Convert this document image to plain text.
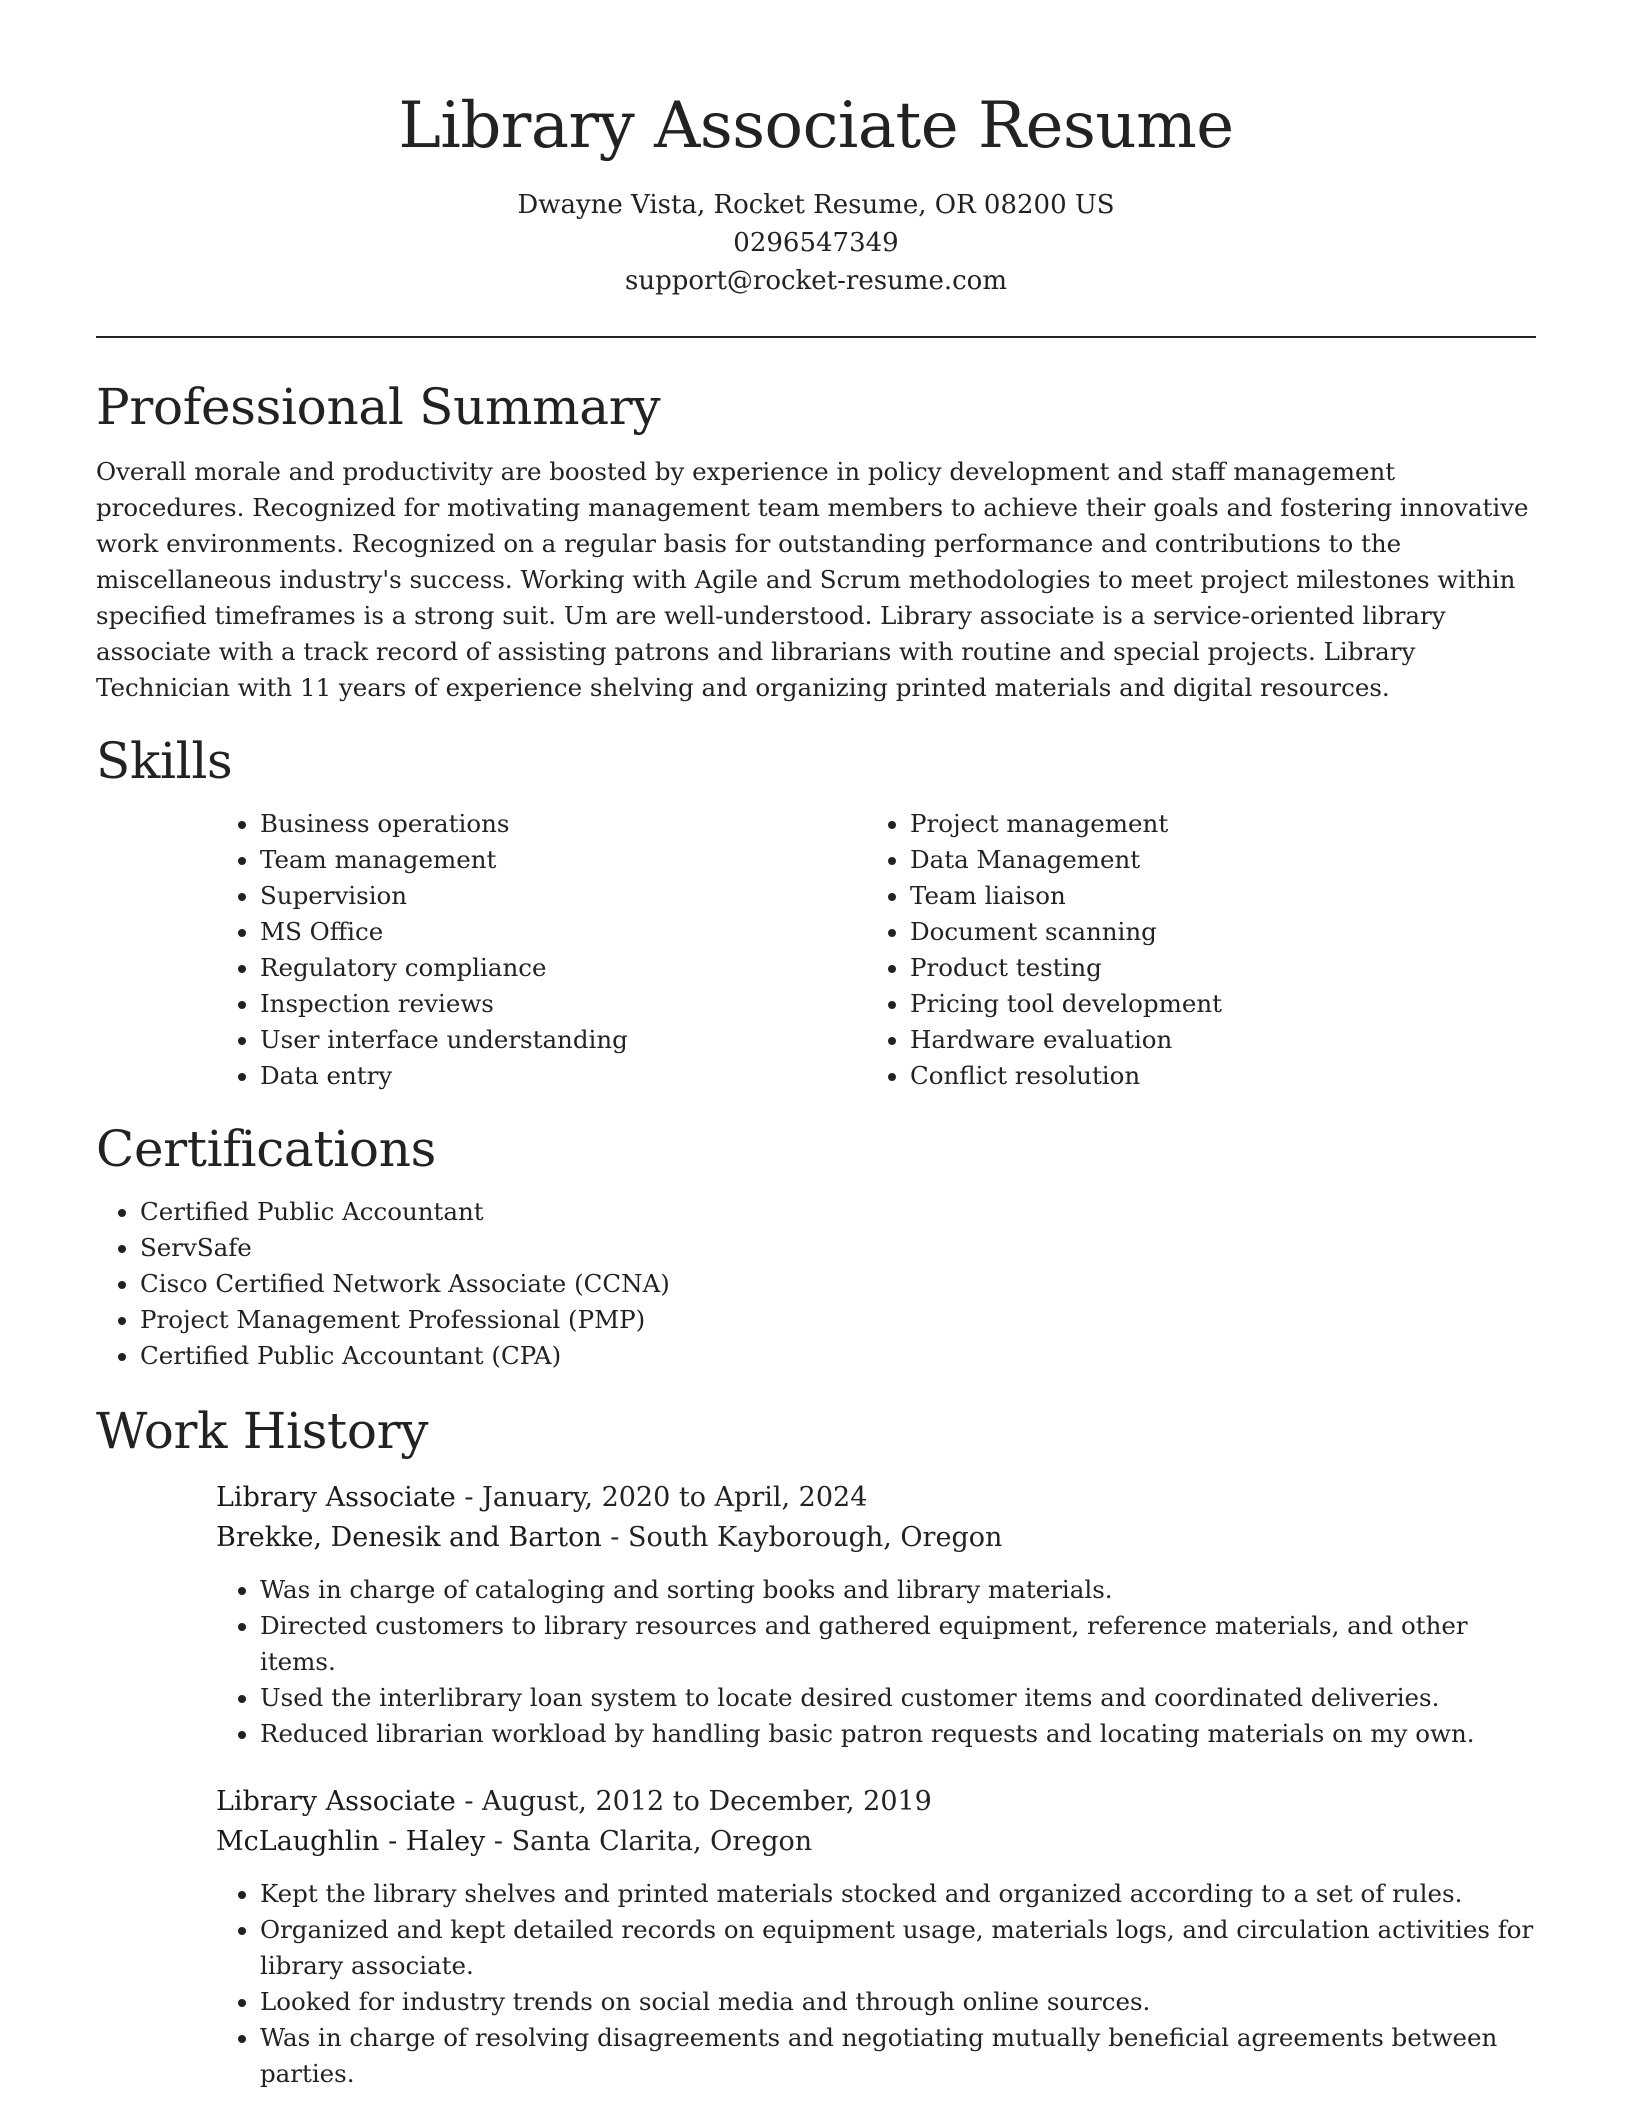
Library Associate Resume

Dwayne Vista, Rocket Resume, OR 08200 US

0296547349

support@rocket-resume.com

Professional Summary

Overall morale and productivity are boosted by experience in policy development and staff management procedures. Recognized for motivating management team members to achieve their goals and fostering innovative work environments. Recognized on a regular basis for outstanding performance and contributions to the miscellaneous industry's success. Working with Agile and Scrum methodologies to meet project milestones within specified timeframes is a strong suit. Um are well-understood. Library associate is a service-oriented library associate with a track record of assisting patrons and librarians with routine and special projects. Library Technician with 11 years of experience shelving and organizing printed materials and digital resources.

Skills
• Business operations
• Team management
• Supervision
• MS Office
• Regulatory compliance
• Inspection reviews
• User interface understanding
• Data entry
• Project management
• Data Management
• Team liaison
• Document scanning
• Product testing
• Pricing tool development
• Hardware evaluation
• Conflict resolution
Certifications
• Certified Public Accountant
• ServSafe
• Cisco Certified Network Associate (CCNA)
• Project Management Professional (PMP)
• Certified Public Accountant (CPA)
Work History

Library Associate - January, 2020 to April, 2024

Brekke, Denesik and Barton - South Kayborough, Oregon

• Was in charge of cataloging and sorting books and library materials.
• Directed customers to library resources and gathered equipment, reference materials, and other items.
• Used the interlibrary loan system to locate desired customer items and coordinated deliveries.
• Reduced librarian workload by handling basic patron requests and locating materials on my own.

Library Associate - August, 2012 to December, 2019

McLaughlin - Haley - Santa Clarita, Oregon

• Kept the library shelves and printed materials stocked and organized according to a set of rules.
• Organized and kept detailed records on equipment usage, materials logs, and circulation activities for library associate.
• Looked for industry trends on social media and through online sources.
• Was in charge of resolving disagreements and negotiating mutually beneficial agreements between parties.
